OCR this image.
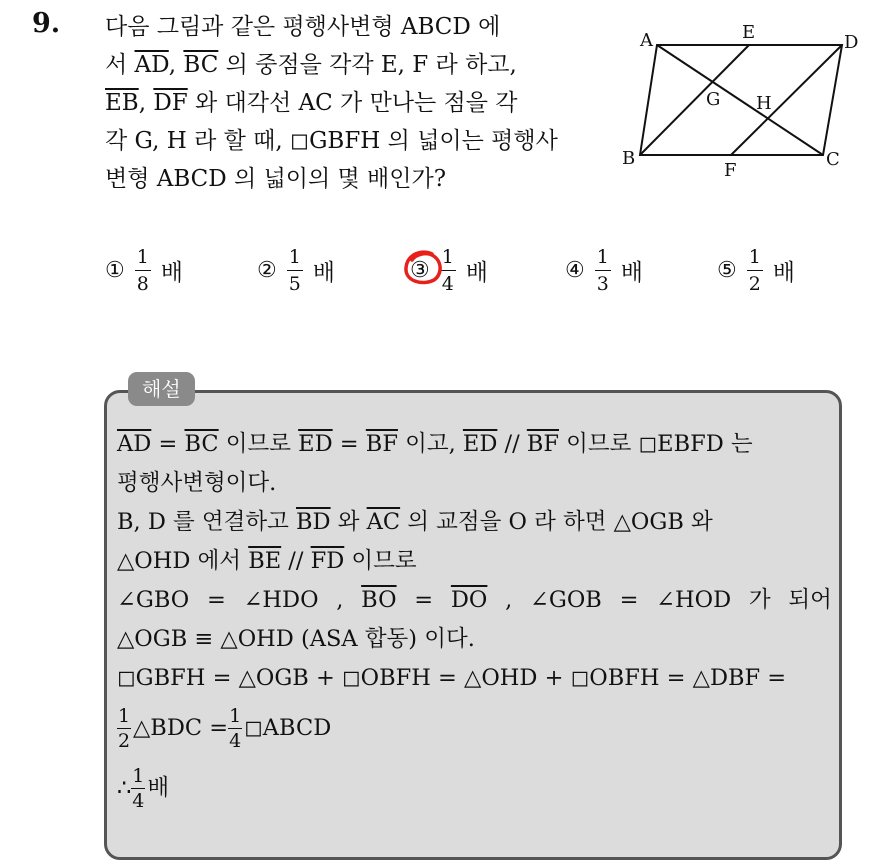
9. 다음 그림과 같은 평행사변형 ABCD 에
서 $\overline{AD}$, $\overline{BC}$ 의 중점을 각각 E, F 라 하고,
$\overline{EB}$, $\overline{DF}$ 와 대각선 AC 가 만나는 점을 각
각 G, H 라 할 때, ◻GBFH 의 넓이는 평행사
변형 ABCD 의 넓이의 몇 배인가?
A	E	D
G H
B
F
C
① $\frac{1}{8}$ 배	② $\frac{1}{5}$ 배	③ $\frac{1}{4}$ 배	④ $\frac{1}{3}$ 배	⑤ $\frac{1}{2}$ 배
해설
$\overline{AD} = \overline{BC}$ 이므로 $\overline{ED} = \overline{BF}$ 이고, $\overline{ED} // \overline{BF}$ 이므로 ◻EBFD 는
평행사변형이다.
B, D 를 연결하고 $\overline{BD}$ 와 $\overline{AC}$ 의 교점을 O 라 하면 △OGB 와
△OHD 에서 $\overline{BE} // \overline{FD}$ 이므로
∠GBO = ∠HDO , $\overline{BO} = \overline{DO}$ , ∠GOB = ∠HOD 가 되어
△OGB ≡ △OHD (ASA 합동) 이다.
◻GBFH = △OGB + ◻OBFH = △OHD + ◻OBFH = △DBF =
1
2 △BDC = 1
4 ◻ABCD
∴ 1
4 배
